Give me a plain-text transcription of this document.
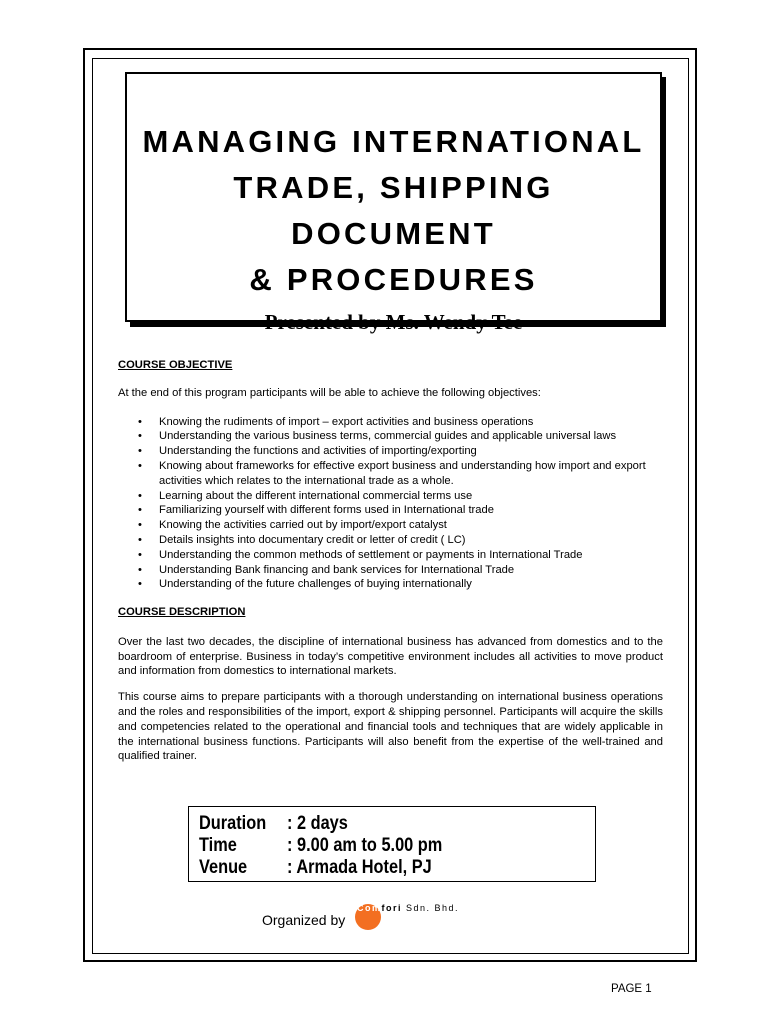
MANAGING INTERNATIONAL
TRADE, SHIPPING DOCUMENT
& PROCEDURES
Presented by Ms. Wendy Tee
COURSE OBJECTIVE
At the end of this program participants will be able to achieve the following objectives:
• Knowing the rudiments of import – export activities and business operations
• Understanding the various business terms, commercial guides and applicable universal laws
• Understanding the functions and activities of importing/exporting
• Knowing about frameworks for effective export business and understanding how import and export activities which relates to the international trade as a whole.
• Learning about the different international commercial terms use
• Familiarizing yourself with different forms used in International trade
• Knowing the activities carried out by import/export catalyst
• Details insights into documentary credit or letter of credit ( LC)
• Understanding the common methods of settlement or payments in International Trade
• Understanding Bank financing and bank services for International Trade
• Understanding of the future challenges of buying internationally
COURSE DESCRIPTION

Over the last two decades, the discipline of international business has advanced from domestics and to the boardroom of enterprise. Business in today’s competitive environment includes all activities to move product and information from domestics to international markets.

This course aims to prepare participants with a thorough understanding on international business operations and the roles and responsibilities of the import, export & shipping personnel. Participants will acquire the skills and competencies related to the operational and financial tools and techniques that are widely applicable in the international business functions. Participants will also benefit from the expertise of the well-trained and qualified trainer.

Duration	: 2 days
Time	: 9.00 am to 5.00 pm
Venue	: Armada Hotel, PJ
Organized by
Comfori Sdn. Bhd.
PAGE 1
